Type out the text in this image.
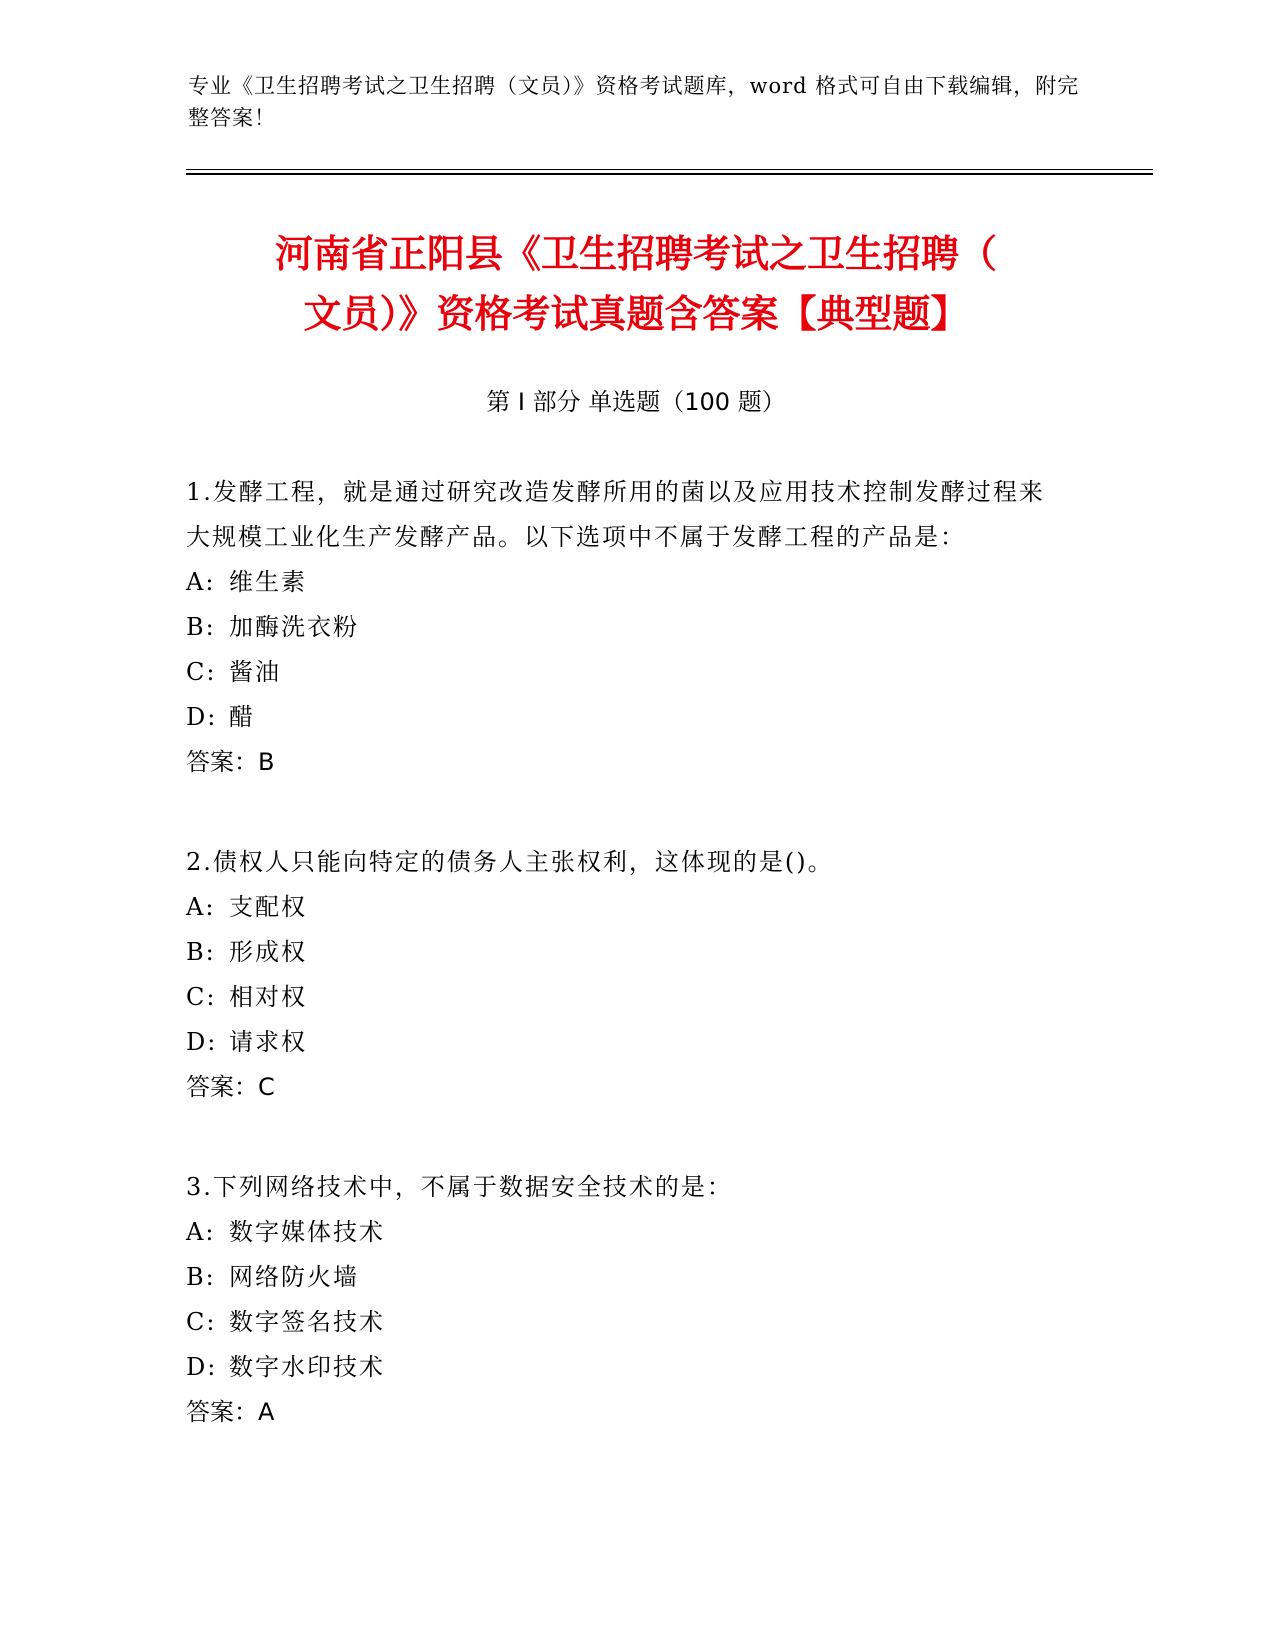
专业《卫生招聘考试之卫生招聘（文员）》资格考试题库，word 格式可自由下载编辑，附完整答案！
河南省正阳县《卫生招聘考试之卫生招聘（
文员）》资格考试真题含答案【典型题】
第 I 部分 单选题（100 题）
1.发酵工程，就是通过研究改造发酵所用的菌以及应用技术控制发酵过程来大规模工业化生产发酵产品。以下选项中不属于发酵工程的产品是：
A: 维生素
B: 加酶洗衣粉
C: 酱油
D: 醋
答案：B
2.债权人只能向特定的债务人主张权利，这体现的是()。
A: 支配权
B: 形成权
C: 相对权
D: 请求权
答案：C
3.下列网络技术中，不属于数据安全技术的是：
A: 数字媒体技术
B: 网络防火墙
C: 数字签名技术
D: 数字水印技术
答案：A
